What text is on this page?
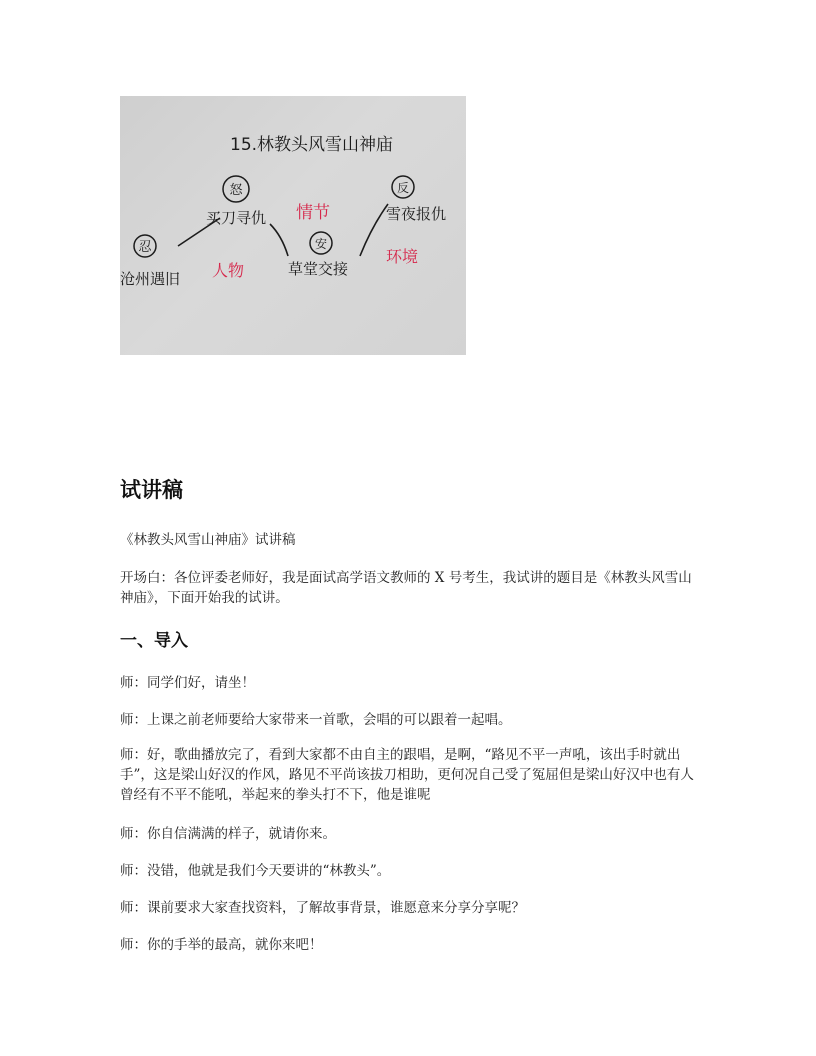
15.林教头风雪山神庙
忍
沧州遇旧
怒
买刀寻仇
安
草堂交接
反
雪夜报仇
情节
人物
环境
试讲稿

《林教头风雪山神庙》试讲稿

开场白：各位评委老师好，我是面试高学语文教师的 X 号考生，我试讲的题目是《林教头风雪山神庙》，下面开始我的试讲。

一、导入

师：同学们好，请坐！

师：上课之前老师要给大家带来一首歌，会唱的可以跟着一起唱。

师：好，歌曲播放完了，看到大家都不由自主的跟唱，是啊，“路见不平一声吼，该出手时就出手”，这是梁山好汉的作风，路见不平尚该拔刀相助，更何况自己受了冤屈但是梁山好汉中也有人曾经有不平不能吼，举起来的拳头打不下，他是谁呢

师：你自信满满的样子，就请你来。

师：没错，他就是我们今天要讲的“林教头”。

师：课前要求大家查找资料，了解故事背景，谁愿意来分享分享呢？

师：你的手举的最高，就你来吧！
